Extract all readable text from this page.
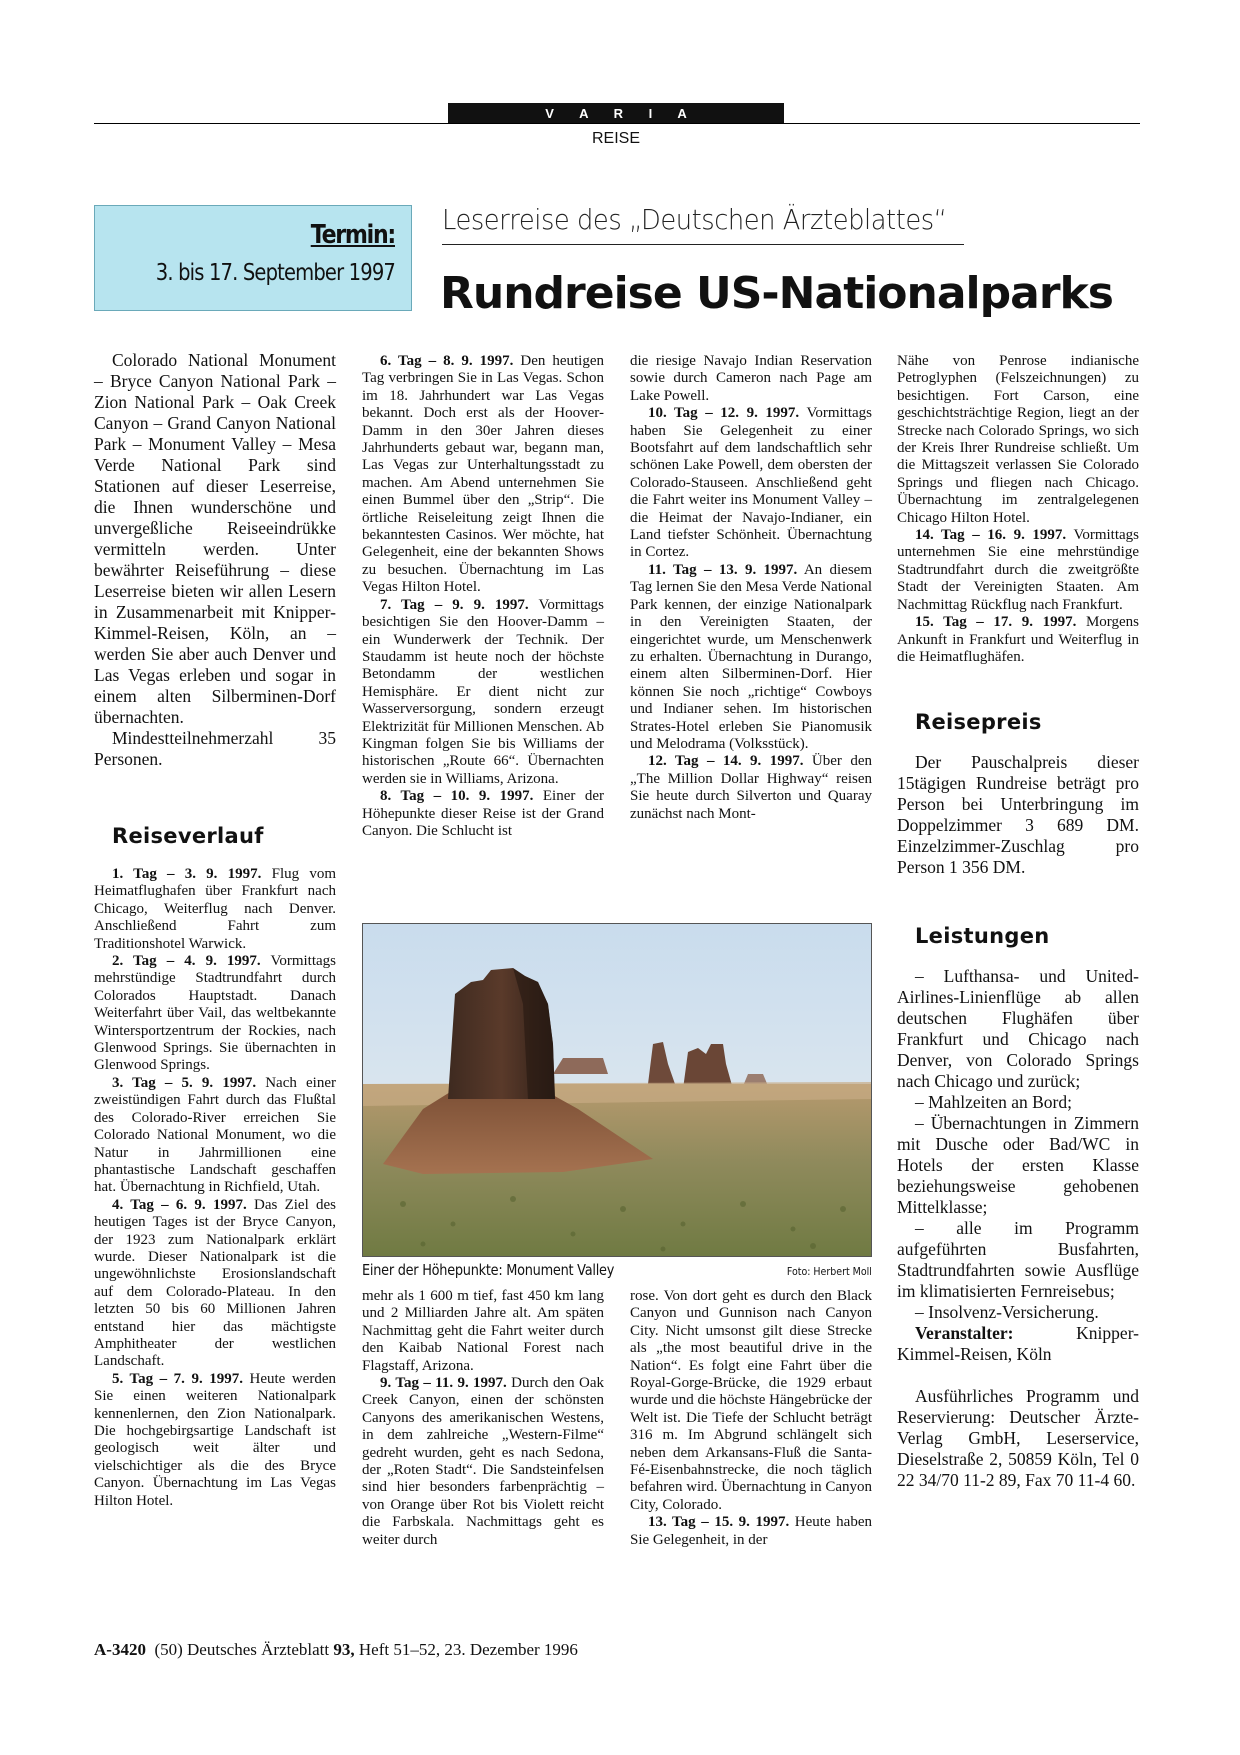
V A R I A
REISE
Termin:
3. bis 17. September 1997
Leserreise des „Deutschen Ärzteblattes“
Rundreise US-Nationalparks

Colorado National Monument – Bryce Canyon National Park – Zion National Park – Oak Creek Canyon – Grand Canyon National Park – Monument Valley – Mesa Verde National Park sind Stationen auf dieser Leserreise, die Ihnen wunderschöne und unvergeßliche Reiseeindrükke vermitteln werden. Unter bewährter Reiseführung – diese Leserreise bieten wir allen Lesern in Zusammenarbeit mit Knipper-Kimmel-Reisen, Köln, an – werden Sie aber auch Denver und Las Vegas erleben und sogar in einem alten Silberminen-Dorf übernachten.

Mindestteilnehmerzahl 35 Personen.

Reiseverlauf

1. Tag – 3. 9. 1997. Flug vom Heimatflughafen über Frankfurt nach Chicago, Weiterflug nach Denver. Anschließend Fahrt zum Traditionshotel Warwick.

2. Tag – 4. 9. 1997. Vormittags mehrstündige Stadtrundfahrt durch Colorados Hauptstadt. Danach Weiterfahrt über Vail, das weltbekannte Wintersportzentrum der Rockies, nach Glenwood Springs. Sie übernachten in Glenwood Springs.

3. Tag – 5. 9. 1997. Nach einer zweistündigen Fahrt durch das Flußtal des Colorado-River erreichen Sie Colorado National Monument, wo die Natur in Jahrmillionen eine phantastische Landschaft geschaffen hat. Übernachtung in Richfield, Utah.

4. Tag – 6. 9. 1997. Das Ziel des heutigen Tages ist der Bryce Canyon, der 1923 zum Nationalpark erklärt wurde. Dieser Nationalpark ist die ungewöhnlichste Erosionslandschaft auf dem Colorado-Plateau. In den letzten 50 bis 60 Millionen Jahren entstand hier das mächtigste Amphitheater der westlichen Landschaft.

5. Tag – 7. 9. 1997. Heute werden Sie einen weiteren Nationalpark kennenlernen, den Zion Nationalpark. Die hochgebirgsartige Landschaft ist geologisch weit älter und vielschichtiger als die des Bryce Canyon. Übernachtung im Las Vegas Hilton Hotel.

6. Tag – 8. 9. 1997. Den heutigen Tag verbringen Sie in Las Vegas. Schon im 18. Jahrhundert war Las Vegas bekannt. Doch erst als der Hoover-Damm in den 30er Jahren dieses Jahrhunderts gebaut war, begann man, Las Vegas zur Unterhaltungsstadt zu machen. Am Abend unternehmen Sie einen Bummel über den „Strip“. Die örtliche Reiseleitung zeigt Ihnen die bekanntesten Casinos. Wer möchte, hat Gelegenheit, eine der bekannten Shows zu besuchen. Übernachtung im Las Vegas Hilton Hotel.

7. Tag – 9. 9. 1997. Vormittags besichtigen Sie den Hoover-Damm – ein Wunderwerk der Technik. Der Staudamm ist heute noch der höchste Betondamm der westlichen Hemisphäre. Er dient nicht zur Wasserversorgung, sondern erzeugt Elektrizität für Millionen Menschen. Ab Kingman folgen Sie bis Williams der historischen „Route 66“. Übernachten werden sie in Williams, Arizona.

8. Tag – 10. 9. 1997. Einer der Höhepunkte dieser Reise ist der Grand Canyon. Die Schlucht ist

die riesige Navajo Indian Reservation sowie durch Cameron nach Page am Lake Powell.

10. Tag – 12. 9. 1997. Vormittags haben Sie Gelegenheit zu einer Bootsfahrt auf dem landschaftlich sehr schönen Lake Powell, dem obersten der Colorado-Stauseen. Anschließend geht die Fahrt weiter ins Monument Valley – die Heimat der Navajo-Indianer, ein Land tiefster Schönheit. Übernachtung in Cortez.

11. Tag – 13. 9. 1997. An diesem Tag lernen Sie den Mesa Verde National Park kennen, der einzige Nationalpark in den Vereinigten Staaten, der eingerichtet wurde, um Menschenwerk zu erhalten. Übernachtung in Durango, einem alten Silberminen-Dorf. Hier können Sie noch „richtige“ Cowboys und Indianer sehen. Im historischen Strates-Hotel erleben Sie Pianomusik und Melodrama (Volksstück).

12. Tag – 14. 9. 1997. Über den „The Million Dollar Highway“ reisen Sie heute durch Silverton und Quaray zunächst nach Mont-

Einer der Höhepunkte: Monument Valley	Foto: Herbert Moll

mehr als 1 600 m tief, fast 450 km lang und 2 Milliarden Jahre alt. Am späten Nachmittag geht die Fahrt weiter durch den Kaibab National Forest nach Flagstaff, Arizona.

9. Tag – 11. 9. 1997. Durch den Oak Creek Canyon, einen der schönsten Canyons des amerikanischen Westens, in dem zahlreiche „Western-Filme“ gedreht wurden, geht es nach Sedona, der „Roten Stadt“. Die Sandsteinfelsen sind hier besonders farbenprächtig – von Orange über Rot bis Violett reicht die Farbskala. Nachmittags geht es weiter durch

rose. Von dort geht es durch den Black Canyon und Gunnison nach Canyon City. Nicht umsonst gilt diese Strecke als „the most beautiful drive in the Nation“. Es folgt eine Fahrt über die Royal-Gorge-Brücke, die 1929 erbaut wurde und die höchste Hängebrücke der Welt ist. Die Tiefe der Schlucht beträgt 316 m. Im Abgrund schlängelt sich neben dem Arkansans-Fluß die Santa-Fé-Eisenbahnstrecke, die noch täglich befahren wird. Übernachtung in Canyon City, Colorado.

13. Tag – 15. 9. 1997. Heute haben Sie Gelegenheit, in der

Nähe von Penrose indianische Petroglyphen (Felszeichnungen) zu besichtigen. Fort Carson, eine geschichtsträchtige Region, liegt an der Strecke nach Colorado Springs, wo sich der Kreis Ihrer Rundreise schließt. Um die Mittagszeit verlassen Sie Colorado Springs und fliegen nach Chicago. Übernachtung im zentralgelegenen Chicago Hilton Hotel.

14. Tag – 16. 9. 1997. Vormittags unternehmen Sie eine mehrstündige Stadtrundfahrt durch die zweitgrößte Stadt der Vereinigten Staaten. Am Nachmittag Rückflug nach Frankfurt.

15. Tag – 17. 9. 1997. Morgens Ankunft in Frankfurt und Weiterflug in die Heimatflughäfen.

Reisepreis

Der Pauschalpreis dieser 15tägigen Rundreise beträgt pro Person bei Unterbringung im Doppelzimmer 3 689 DM. Einzelzimmer-Zuschlag pro Person 1 356 DM.

Leistungen

– Lufthansa- und United-Airlines-Linienflüge ab allen deutschen Flughäfen über Frankfurt und Chicago nach Denver, von Colorado Springs nach Chicago und zurück;

– Mahlzeiten an Bord;

– Übernachtungen in Zimmern mit Dusche oder Bad/WC in Hotels der ersten Klasse beziehungsweise gehobenen Mittelklasse;

– alle im Programm aufgeführten Busfahrten, Stadtrundfahrten sowie Ausflüge im klimatisierten Fernreisebus;

– Insolvenz-Versicherung.

Veranstalter: Knipper-Kimmel-Reisen, Köln

Ausführliches Programm und Reservierung: Deutscher Ärzte-Verlag GmbH, Leserservice, Dieselstraße 2, 50859 Köln, Tel 0 22 34/70 11-2 89, Fax 70 11-4 60.

A-3420  (50) Deutsches Ärzteblatt 93, Heft 51–52, 23. Dezember 1996
